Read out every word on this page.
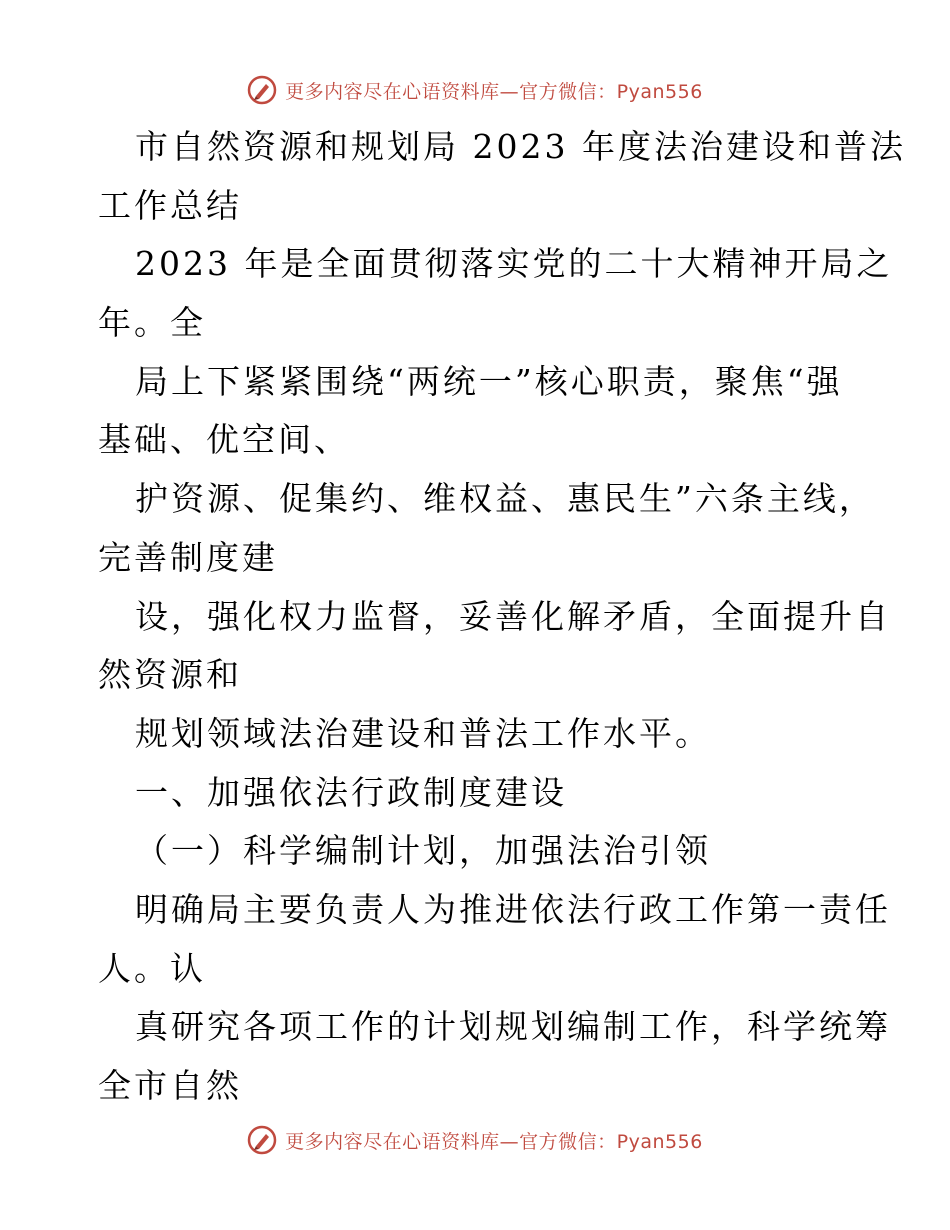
更多内容尽在心语资料库—官方微信：Pyan556
市自然资源和规划局 2023 年度法治建设和普法
工作总结
2023 年是全面贯彻落实党的二十大精神开局之
年。全
局上下紧紧围绕“两统一”核心职责，聚焦“强
基础、优空间、
护资源、促集约、维权益、惠民生”六条主线，
完善制度建
设，强化权力监督，妥善化解矛盾，全面提升自
然资源和
规划领域法治建设和普法工作水平。
一、加强依法行政制度建设
（一）科学编制计划，加强法治引领
明确局主要负责人为推进依法行政工作第一责任
人。认
真研究各项工作的计划规划编制工作，科学统筹
全市自然
更多内容尽在心语资料库—官方微信：Pyan556
